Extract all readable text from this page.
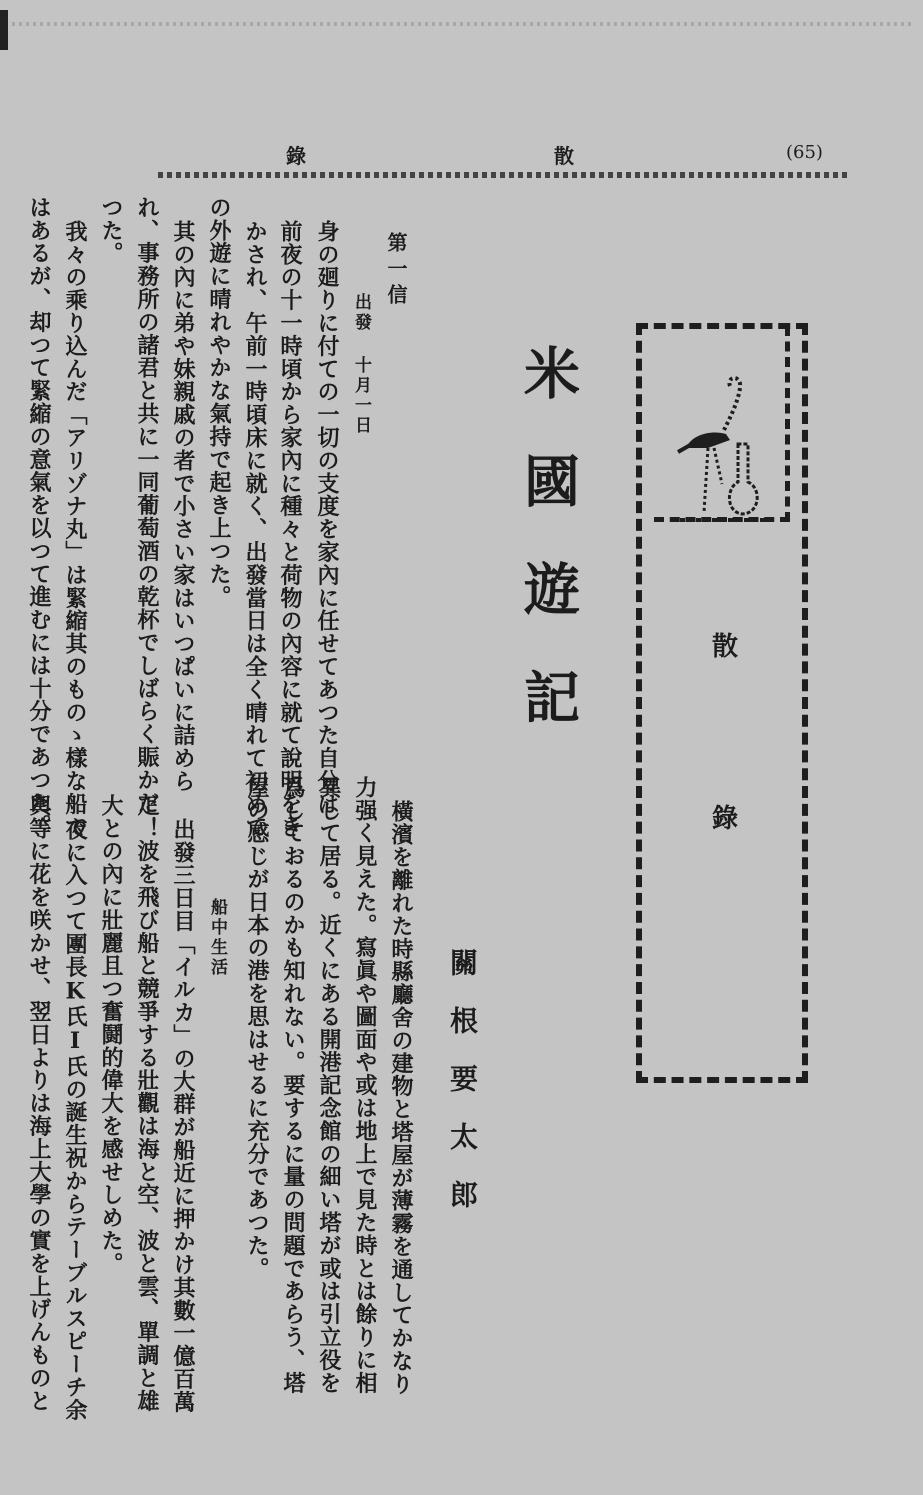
錄	散	(65)
散
錄
米國遊記
關根要太郎
第一信
出發 十月一日
身の廻りに付ての一切の支度を家內に任せてあつた自分は
前夜の十一時頃から家內に種々と荷物の內容に就て說明をき
かされ、午前一時頃床に就く、出發當日は全く晴れて初めて
の外遊に晴れやかな氣持で起き上つた。
其の內に弟や妹親戚の者で小さい家はいつぱいに詰めら
れ、事務所の諸君と共に一同葡萄酒の乾杯でしばらく賑かだ
つた。
我々の乘り込んだ「アリゾナ丸」は緊縮其のものゝ樣な船で
はあるが、却つて緊縮の意氣を以つて進むには十分であつた。
橫濱を離れた時縣廳舍の建物と塔屋が薄霧を通してかなり
力强く見えた。寫眞や圖面や或は地上で見た時とは餘りに相
異して居る。近くにある開港記念館の細い塔が或は引立役を
爲しておるのかも知れない。要するに量の問題であらう、塔
屋の感じが日本の港を思はせるに充分であつた。
船中生活
出發三日目「イルカ」の大群が船近に押かけ其數一億百萬
疋！波を飛び船と競爭する壯觀は海と空、波と雲、單調と雄
大との內に壯麗且つ奮鬪的偉大を感せしめた。
夜に入つて團長K氏I氏の誕生祝からテーブルスピーチ余
輿等に花を咲かせ、翌日よりは海上大學の實を上げんものと
